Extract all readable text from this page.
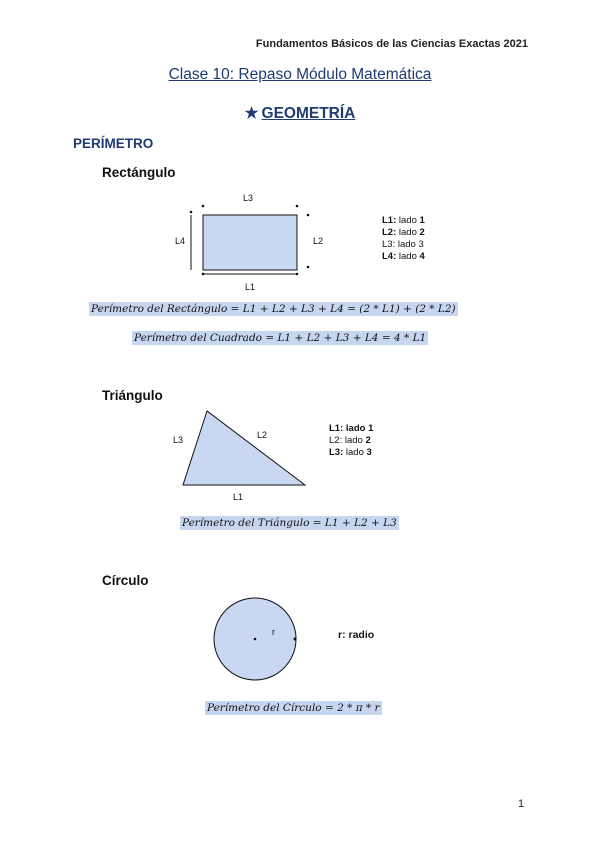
Fundamentos Básicos de las Ciencias Exactas 2021
Clase 10: Repaso Módulo Matemática
★ GEOMETRÍA
PERÍMETRO
Rectángulo
L3
L2
L1
L4
L1: lado 1
L2: lado 2
L3: lado 3
L4: lado 4
Perímetro del Rectángulo = L1 + L2 + L3 + L4 = (2 * L1) + (2 * L2)
Perímetro del Cuadrado = L1 + L2 + L3 + L4 = 4 * L1
Triángulo
L3	L2
L1
L1: lado 1
L2: lado 2
L3: lado 3
Perímetro del Triángulo = L1 + L2 + L3
Círculo
r	r: radio
Perímetro del Círculo = 2 * π * r
1
